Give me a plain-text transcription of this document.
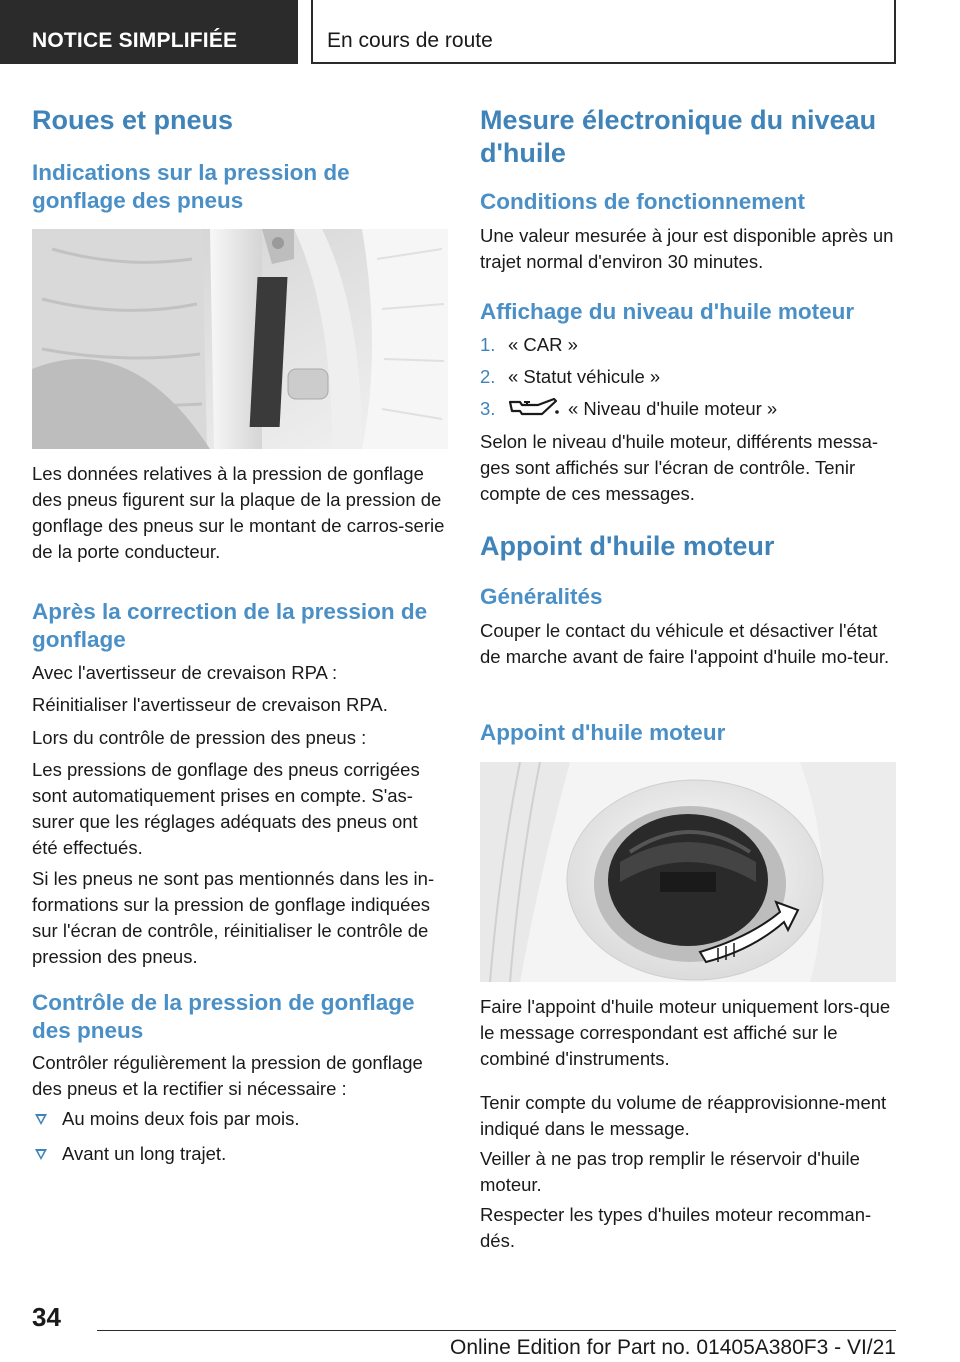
NOTICE SIMPLIFIÉE	En cours de route
Roues et pneus
Indications sur la pression de gonflage des pneus
Les données relatives à la pression de gonflage des pneus figurent sur la plaque de la pression de gonflage des pneus sur le montant de carros-serie de la porte conducteur.
Après la correction de la pression de gonflage
Avec l'avertisseur de crevaison RPA :
Réinitialiser l'avertisseur de crevaison RPA.
Lors du contrôle de pression des pneus :
Les pressions de gonflage des pneus corrigées sont automatiquement prises en compte. S'as-surer que les réglages adéquats des pneus ont été effectués.
Si les pneus ne sont pas mentionnés dans les in-formations sur la pression de gonflage indiquées sur l'écran de contrôle, réinitialiser le contrôle de pression des pneus.
Contrôle de la pression de gonflage des pneus
Contrôler régulièrement la pression de gonflage des pneus et la rectifier si nécessaire :
Au moins deux fois par mois.
Avant un long trajet.
Mesure électronique du niveau d'huile
Conditions de fonctionnement
Une valeur mesurée à jour est disponible après un trajet normal d'environ 30 minutes.
Affichage du niveau d'huile moteur
1. « CAR »
2. « Statut véhicule »
3.	« Niveau d'huile moteur »
Selon le niveau d'huile moteur, différents messa-ges sont affichés sur l'écran de contrôle. Tenir compte de ces messages.
Appoint d'huile moteur
Généralités
Couper le contact du véhicule et désactiver l'état de marche avant de faire l'appoint d'huile mo-teur.
Appoint d'huile moteur
Faire l'appoint d'huile moteur uniquement lors-que le message correspondant est affiché sur le combiné d'instruments.
Tenir compte du volume de réapprovisionne-ment indiqué dans le message.
Veiller à ne pas trop remplir le réservoir d'huile moteur.
Respecter les types d'huiles moteur recomman-dés.
34
Online Edition for Part no. 01405A380F3 - VI/21
